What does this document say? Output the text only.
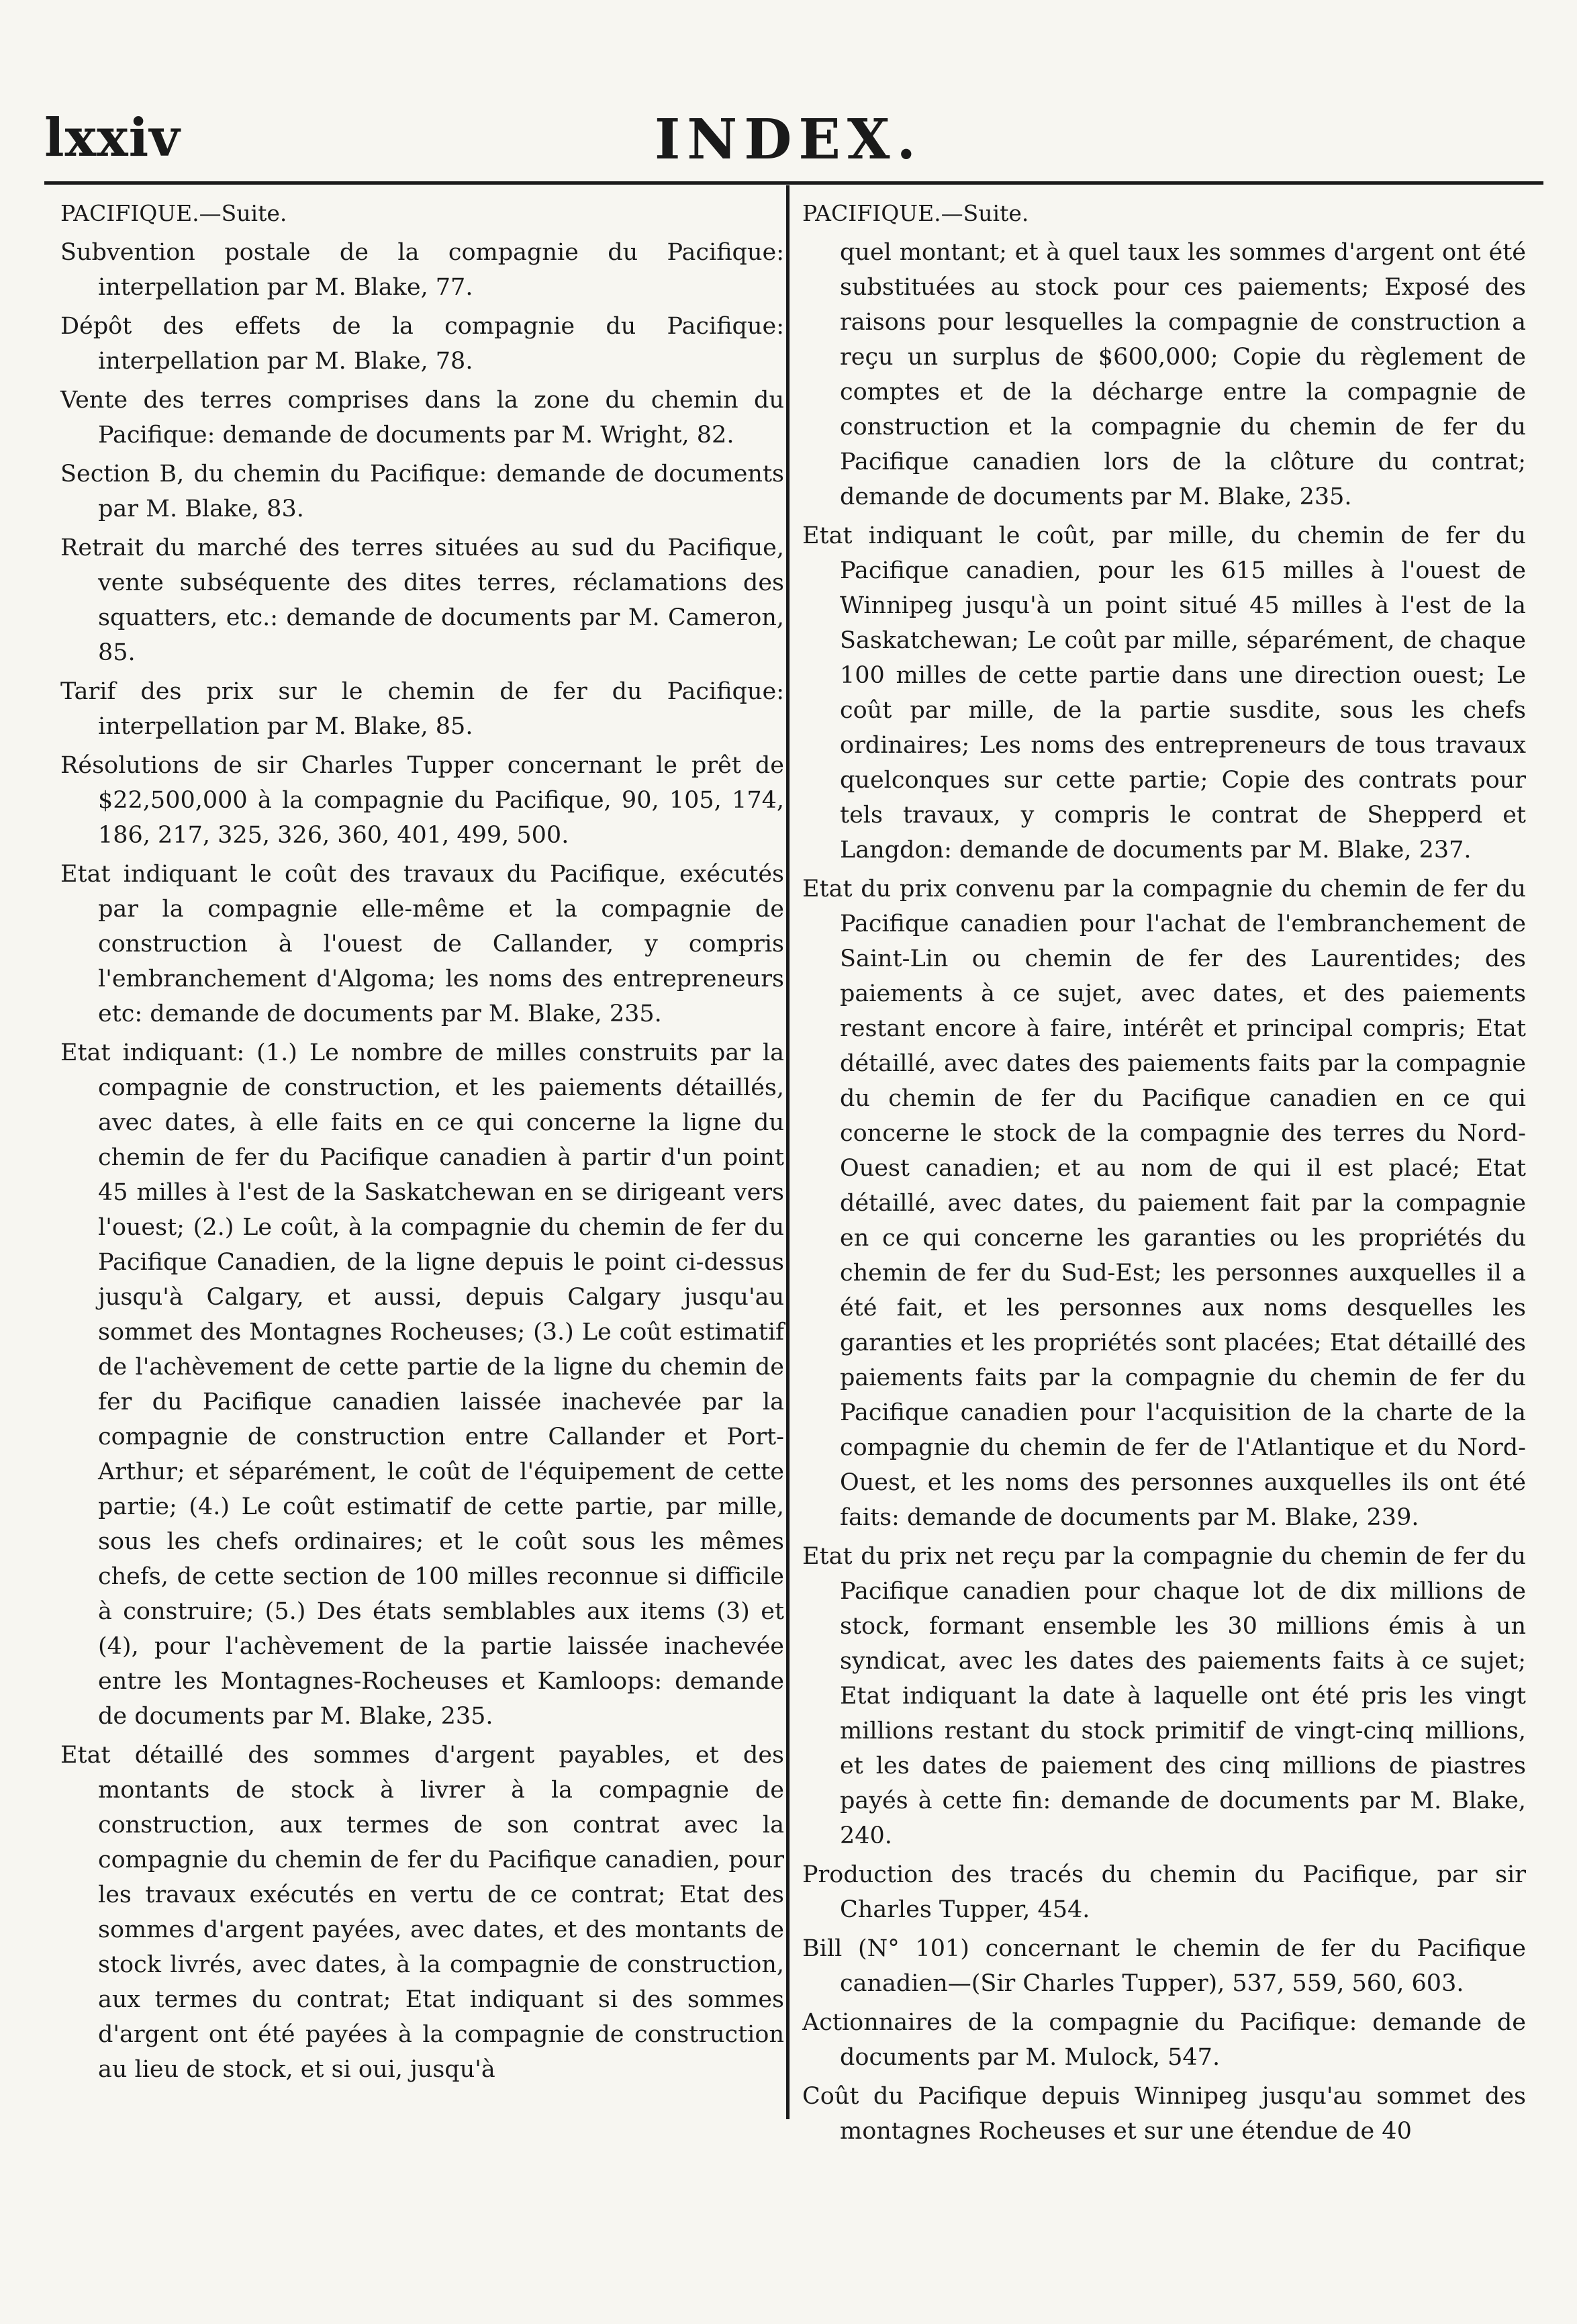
lxxiv	INDEX.
PACIFIQUE.—Suite.

Subvention postale de la compagnie du Pacifique: interpellation par M. Blake, 77.

Dépôt des effets de la compagnie du Pacifique: interpellation par M. Blake, 78.

Vente des terres comprises dans la zone du chemin du Pacifique: demande de documents par M. Wright, 82.

Section B, du chemin du Pacifique: demande de documents par M. Blake, 83.

Retrait du marché des terres situées au sud du Pacifique, vente subséquente des dites terres, réclamations des squatters, etc.: demande de documents par M. Cameron, 85.

Tarif des prix sur le chemin de fer du Pacifique: interpellation par M. Blake, 85.

Résolutions de sir Charles Tupper concernant le prêt de $22,500,000 à la compagnie du Pacifique, 90, 105, 174, 186, 217, 325, 326, 360, 401, 499, 500.

Etat indiquant le coût des travaux du Pacifique, exécutés par la compagnie elle-même et la compagnie de construction à l'ouest de Callander, y compris l'embranchement d'Algoma; les noms des entrepreneurs etc: demande de documents par M. Blake, 235.

Etat indiquant: (1.) Le nombre de milles construits par la compagnie de construction, et les paiements détaillés, avec dates, à elle faits en ce qui concerne la ligne du chemin de fer du Pacifique canadien à partir d'un point 45 milles à l'est de la Saskatchewan en se dirigeant vers l'ouest; (2.) Le coût, à la compagnie du chemin de fer du Pacifique Canadien, de la ligne depuis le point ci-dessus jusqu'à Calgary, et aussi, depuis Calgary jusqu'au sommet des Montagnes Rocheuses; (3.) Le coût estimatif de l'achèvement de cette partie de la ligne du chemin de fer du Pacifique canadien laissée inachevée par la compagnie de construction entre Callander et Port-Arthur; et séparément, le coût de l'équipement de cette partie; (4.) Le coût estimatif de cette partie, par mille, sous les chefs ordinaires; et le coût sous les mêmes chefs, de cette section de 100 milles reconnue si difficile à construire; (5.) Des états semblables aux items (3) et (4), pour l'achèvement de la partie laissée inachevée entre les Montagnes-Rocheuses et Kamloops: demande de documents par M. Blake, 235.

Etat détaillé des sommes d'argent payables, et des montants de stock à livrer à la compagnie de construction, aux termes de son contrat avec la compagnie du chemin de fer du Pacifique canadien, pour les travaux exécutés en vertu de ce contrat; Etat des sommes d'argent payées, avec dates, et des montants de stock livrés, avec dates, à la compagnie de construction, aux termes du contrat; Etat indiquant si des sommes d'argent ont été payées à la compagnie de construction au lieu de stock, et si oui, jusqu'à

PACIFIQUE.—Suite.

quel montant; et à quel taux les sommes d'argent ont été substituées au stock pour ces paiements; Exposé des raisons pour lesquelles la compagnie de construction a reçu un surplus de $600,000; Copie du règlement de comptes et de la décharge entre la compagnie de construction et la compagnie du chemin de fer du Pacifique canadien lors de la clôture du contrat; demande de documents par M. Blake, 235.

Etat indiquant le coût, par mille, du chemin de fer du Pacifique canadien, pour les 615 milles à l'ouest de Winnipeg jusqu'à un point situé 45 milles à l'est de la Saskatchewan; Le coût par mille, séparément, de chaque 100 milles de cette partie dans une direction ouest; Le coût par mille, de la partie susdite, sous les chefs ordinaires; Les noms des entrepreneurs de tous travaux quelconques sur cette partie; Copie des contrats pour tels travaux, y compris le contrat de Shepperd et Langdon: demande de documents par M. Blake, 237.

Etat du prix convenu par la compagnie du chemin de fer du Pacifique canadien pour l'achat de l'embranchement de Saint-Lin ou chemin de fer des Laurentides; des paiements à ce sujet, avec dates, et des paiements restant encore à faire, intérêt et principal compris; Etat détaillé, avec dates des paiements faits par la compagnie du chemin de fer du Pacifique canadien en ce qui concerne le stock de la compagnie des terres du Nord-Ouest canadien; et au nom de qui il est placé; Etat détaillé, avec dates, du paiement fait par la compagnie en ce qui concerne les garanties ou les propriétés du chemin de fer du Sud-Est; les personnes auxquelles il a été fait, et les personnes aux noms desquelles les garanties et les propriétés sont placées; Etat détaillé des paiements faits par la compagnie du chemin de fer du Pacifique canadien pour l'acquisition de la charte de la compagnie du chemin de fer de l'Atlantique et du Nord-Ouest, et les noms des personnes auxquelles ils ont été faits: demande de documents par M. Blake, 239.

Etat du prix net reçu par la compagnie du chemin de fer du Pacifique canadien pour chaque lot de dix millions de stock, formant ensemble les 30 millions émis à un syndicat, avec les dates des paiements faits à ce sujet; Etat indiquant la date à laquelle ont été pris les vingt millions restant du stock primitif de vingt-cinq millions, et les dates de paiement des cinq millions de piastres payés à cette fin: demande de documents par M. Blake, 240.

Production des tracés du chemin du Pacifique, par sir Charles Tupper, 454.

Bill (N° 101) concernant le chemin de fer du Pacifique canadien—(Sir Charles Tupper), 537, 559, 560, 603.

Actionnaires de la compagnie du Pacifique: demande de documents par M. Mulock, 547.

Coût du Pacifique depuis Winnipeg jusqu'au sommet des montagnes Rocheuses et sur une étendue de 40
